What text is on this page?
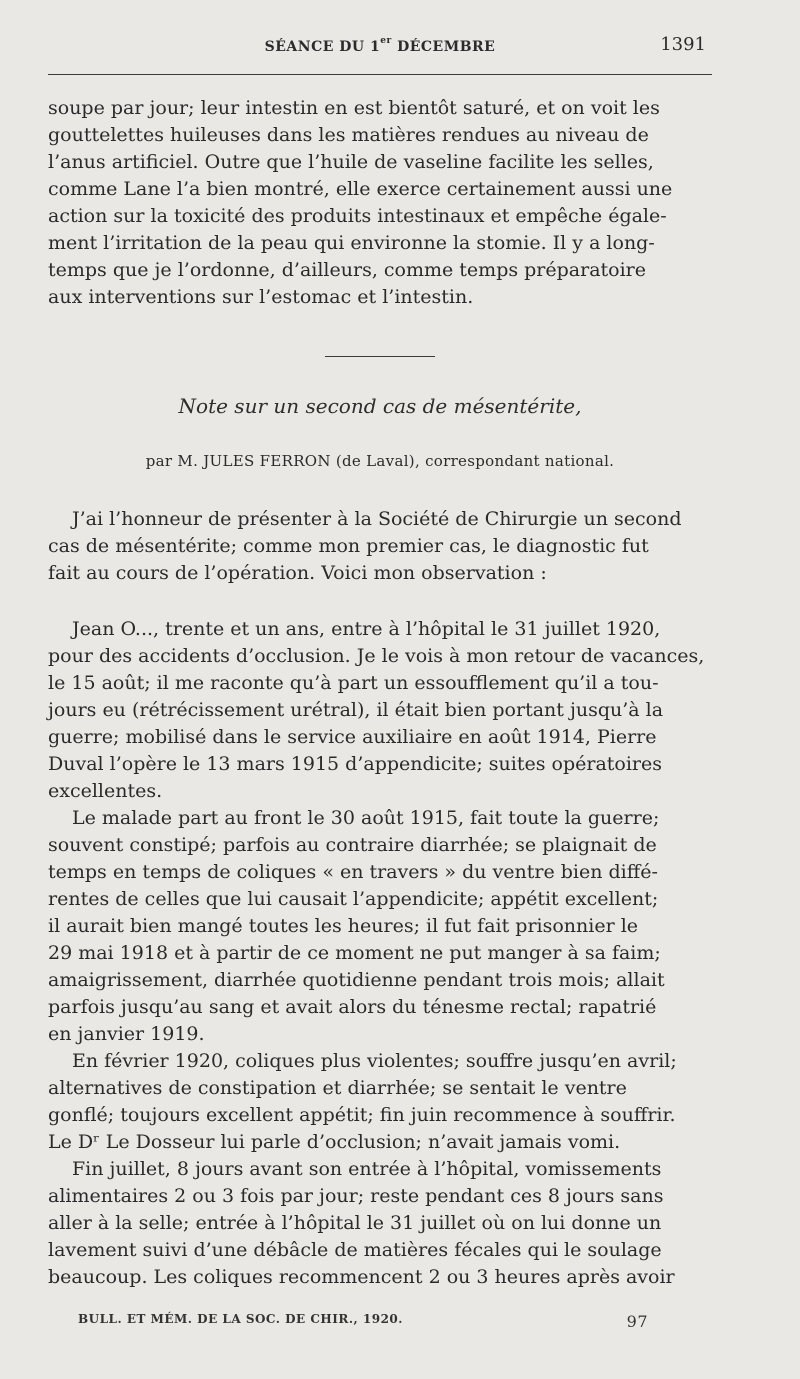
SÉANCE DU 1er DÉCEMBRE	1391

soupe par jour; leur intestin en est bientôt saturé, et on voit les
gouttelettes huileuses dans les matières rendues au niveau de
l’anus artificiel. Outre que l’huile de vaseline facilite les selles,
comme Lane l’a bien montré, elle exerce certainement aussi une
action sur la toxicité des produits intestinaux et empêche égale-
ment l’irritation de la peau qui environne la stomie. Il y a long-
temps que je l’ordonne, d’ailleurs, comme temps préparatoire
aux interventions sur l’estomac et l’intestin.

Note sur un second cas de mésentérite,
par M. JULES FERRON (de Laval), correspondant national.

J’ai l’honneur de présenter à la Société de Chirurgie un second
cas de mésentérite; comme mon premier cas, le diagnostic fut
fait au cours de l’opération. Voici mon observation :

Jean O..., trente et un ans, entre à l’hôpital le 31 juillet 1920,
pour des accidents d’occlusion. Je le vois à mon retour de vacances,
le 15 août; il me raconte qu’à part un essoufflement qu’il a tou-
jours eu (rétrécissement urétral), il était bien portant jusqu’à la
guerre; mobilisé dans le service auxiliaire en août 1914, Pierre
Duval l’opère le 13 mars 1915 d’appendicite; suites opératoires
excellentes.

Le malade part au front le 30 août 1915, fait toute la guerre;
souvent constipé; parfois au contraire diarrhée; se plaignait de
temps en temps de coliques « en travers » du ventre bien diffé-
rentes de celles que lui causait l’appendicite; appétit excellent;
il aurait bien mangé toutes les heures; il fut fait prisonnier le
29 mai 1918 et à partir de ce moment ne put manger à sa faim;
amaigrissement, diarrhée quotidienne pendant trois mois; allait
parfois jusqu’au sang et avait alors du ténesme rectal; rapatrié
en janvier 1919.

En février 1920, coliques plus violentes; souffre jusqu’en avril;
alternatives de constipation et diarrhée; se sentait le ventre
gonflé; toujours excellent appétit; fin juin recommence à souffrir.
Le Dʳ Le Dosseur lui parle d’occlusion; n’avait jamais vomi.

Fin juillet, 8 jours avant son entrée à l’hôpital, vomissements
alimentaires 2 ou 3 fois par jour; reste pendant ces 8 jours sans
aller à la selle; entrée à l’hôpital le 31 juillet où on lui donne un
lavement suivi d’une débâcle de matières fécales qui le soulage
beaucoup. Les coliques recommencent 2 ou 3 heures après avoir

BULL. ET MÉM. DE LA SOC. DE CHIR., 1920.	97
